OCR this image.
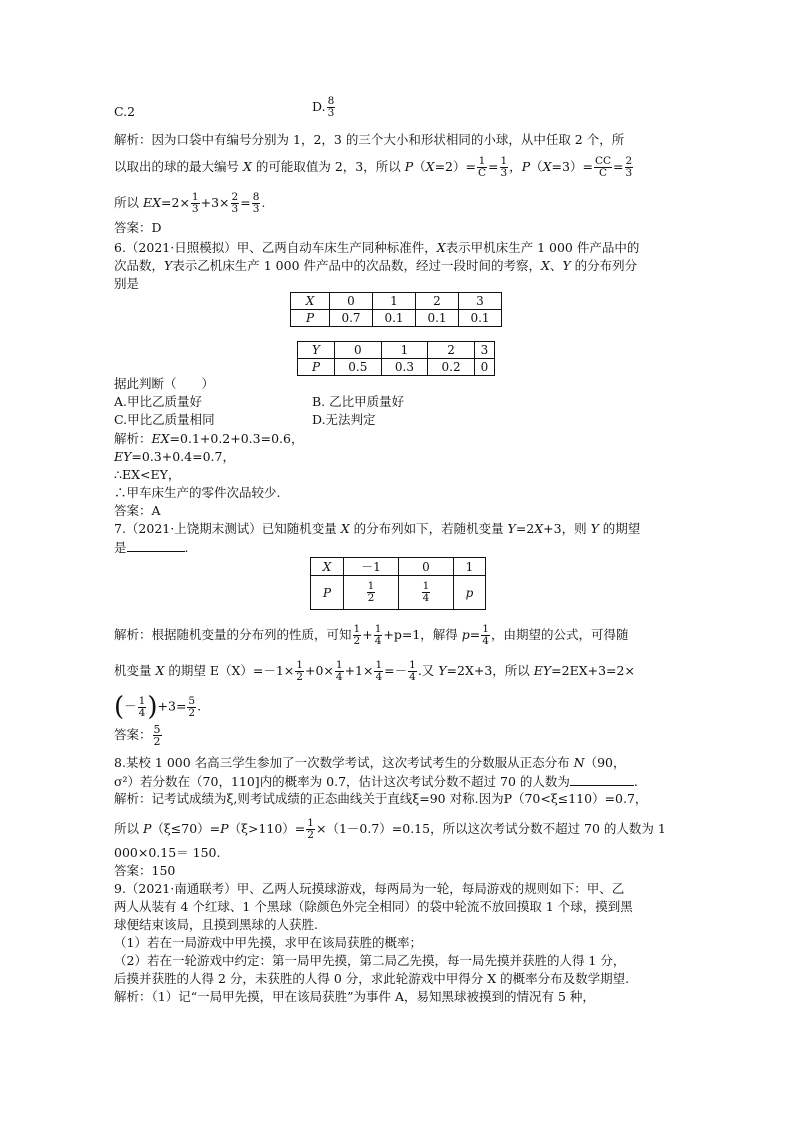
C.2	D. $\frac{8}{3}$
解析：因为口袋中有编号分别为 1，2，3 的三个大小和形状相同的小球，从中任取 2 个，所
以取出的球的最大编号 X 的可能取值为 2，3，所以 $P(X=2)= \frac{1}{C} = \frac{1}{3}$ ，$P(X=3)= \frac{CC}{C} = \frac{2}{3}$
所以 $EX=2\times \frac{1}{3} +3\times \frac{2}{3} = \frac{8}{3}$ .
答案：D
6.（2021·日照模拟）甲、乙两自动车床生产同种标准件，X表示甲机床生产 1 000 件产品中的
次品数，Y表示乙机床生产 1 000 件产品中的次品数，经过一段时间的考察，X、Y 的分布列分
别是
X	0	1	2	3
P	0.7	0.1	0.1	0.1
Y	0	1	2	3
P	0.5	0.3	0.2	0
据此判断（　　）
A.甲比乙质量好	B. 乙比甲质量好
C.甲比乙质量相同	D.无法判定
解析：EX=0.1+0.2+0.3=0.6，
EY=0.3+0.4=0.7，
∴EX<EY，
∴甲车床生产的零件次品较少.
答案：A
7.（2021·上饶期末测试）已知随机变量 X 的分布列如下，若随机变量 Y=2X+3，则 Y 的期望
是	.
X	－1	0	1
P	$\frac{1}{2}$	$\frac{1}{4}$	p
解析：根据随机变量的分布列的性质，可知 $\frac{1}{2} + \frac{1}{4} +p=1$，解得 $p= \frac{1}{4}$ ，由期望的公式，可得随
机变量 X 的期望 $E(X)=-1\times \frac{1}{2} +0\times \frac{1}{4} +1\times \frac{1}{4} =- \frac{1}{4}$ .又 Y=2X+3，所以 EY=2EX+3=2×
(－ $\frac{1}{4} )+3= \frac{5}{2}$ .
答案： $\frac{5}{2}$
8.某校 1 000 名高三学生参加了一次数学考试，这次考试考生的分数服从正态分布 N（90，
σ²）若分数在（70，110]内的概率为 0.7，估计这次考试分数不超过 70 的人数为	.
解析：记考试成绩为ξ,则考试成绩的正态曲线关于直线ξ=90 对称.因为P（70<ξ≤110）=0.7，
所以 $P(\xi\le 70)=P(\xi>110)= \frac{1}{2} \times(1-0.7)=0.15$，所以这次考试分数不超过 70 的人数为 1
000×0.15＝ 150.
答案：150
9.（2021·南通联考）甲、乙两人玩摸球游戏，每两局为一轮，每局游戏的规则如下：甲、乙
两人从装有 4 个红球、1 个黑球（除颜色外完全相同）的袋中轮流不放回摸取 1 个球，摸到黑
球便结束该局，且摸到黑球的人获胜.
（1）若在一局游戏中甲先摸，求甲在该局获胜的概率；
（2）若在一轮游戏中约定：第一局甲先摸，第二局乙先摸，每一局先摸并获胜的人得 1 分，
后摸并获胜的人得 2 分，未获胜的人得 0 分，求此轮游戏中甲得分 X 的概率分布及数学期望.
解析：（1）记“一局甲先摸，甲在该局获胜”为事件 A，易知黑球被摸到的情况有 5 种，
